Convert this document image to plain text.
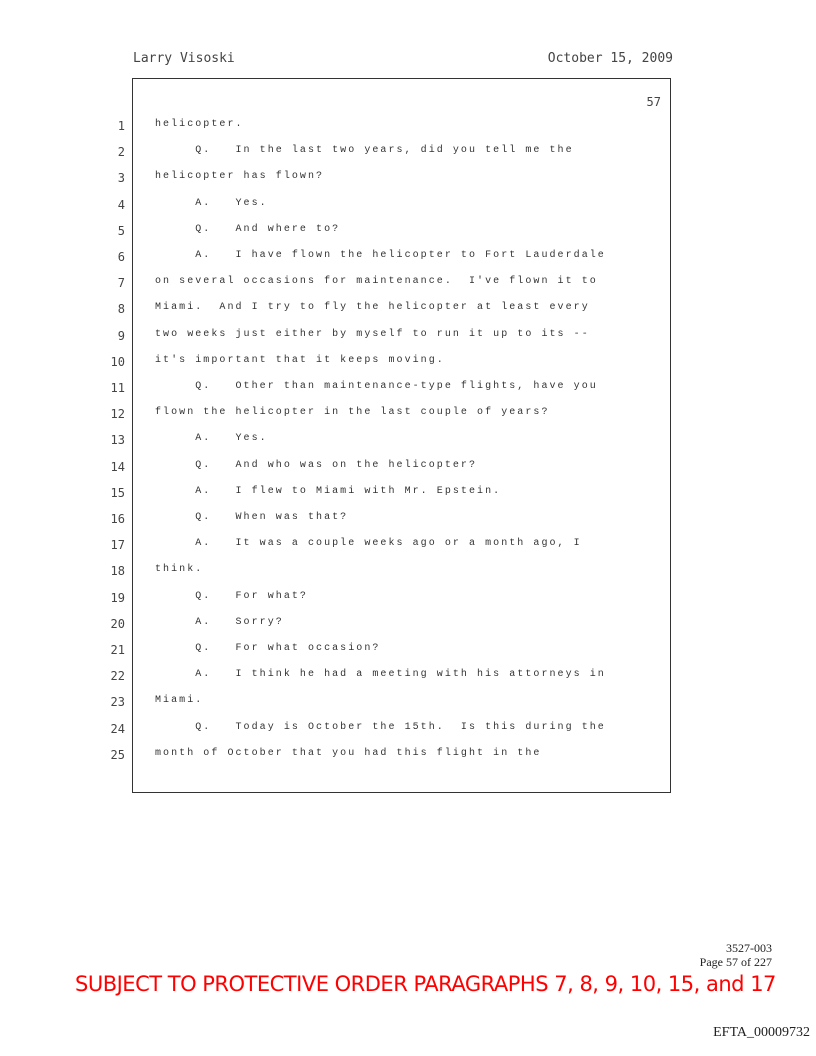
Larry Visoski	October 15, 2009
57
1	helicopter.
2	Q.   In the last two years, did you tell me the
3	helicopter has flown?
4	A.   Yes.
5	Q.   And where to?
6	A.   I have flown the helicopter to Fort Lauderdale
7	on several occasions for maintenance.  I've flown it to
8	Miami.  And I try to fly the helicopter at least every
9	two weeks just either by myself to run it up to its --
10	it's important that it keeps moving.
11	Q.   Other than maintenance-type flights, have you
12	flown the helicopter in the last couple of years?
13	A.   Yes.
14	Q.   And who was on the helicopter?
15	A.   I flew to Miami with Mr. Epstein.
16	Q.   When was that?
17	A.   It was a couple weeks ago or a month ago, I
18	think.
19	Q.   For what?
20	A.   Sorry?
21	Q.   For what occasion?
22	A.   I think he had a meeting with his attorneys in
23	Miami.
24	Q.   Today is October the 15th.  Is this during the
25	month of October that you had this flight in the
3527-003
Page 57 of 227
SUBJECT TO PROTECTIVE ORDER PARAGRAPHS 7, 8, 9, 10, 15, and 17
EFTA_00009732
